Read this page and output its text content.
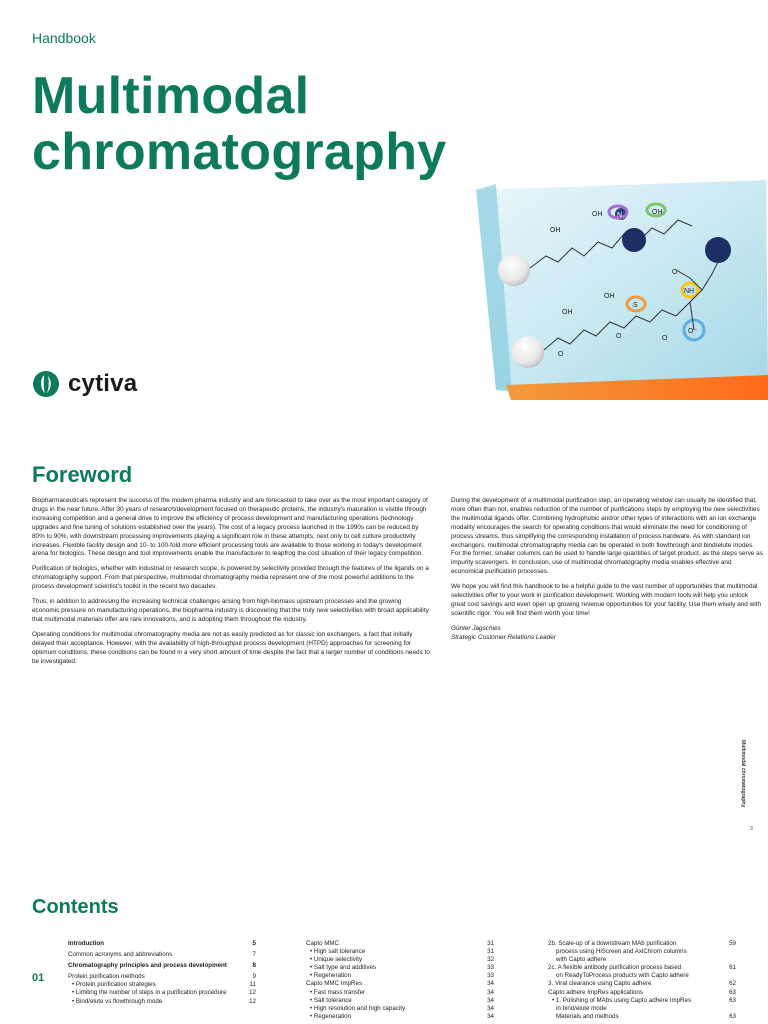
Handbook
Multimodal
chromatography
OH
OH	OH
OH
OH
N
O
NH
S
O
O
O⁻
O
cytiva
Foreword

Biopharmaceuticals represent the success of the modern pharma industry and are forecasted to take over as the most important category of drugs in the near future. After 30 years of research/development focused on therapeutic proteins, the industry's maturation is visible through increasing competition and a general drive to improve the efficiency of process development and manufacturing operations (technology upgrades and fine tuning of solutions established over the years). The cost of a legacy process launched in the 1990s can be reduced by 80% to 90%, with downstream processing improvements playing a significant role in these attempts, next only to cell culture productivity increases. Flexible facility design and 10- to 100-fold more efficient processing tools are available to those working in today's development arena for biologics. These design and tool improvements enable the manufacturer to leapfrog the cost situation of their legacy competition.

Purification of biologics, whether with industrial or research scope, is powered by selectivity provided through the features of the ligands on a chromatography support. From that perspective, multimodal chromatography media represent one of the most powerful additions to the process development scientist's toolkit in the recent two decades.

Thus, in addition to addressing the increasing technical challenges arising from high-biomass upstream processes and the growing economic pressure on manufacturing operations, the biopharma industry is discovering that the truly new selectivities with broad applicability that multimodal materials offer are rare innovations, and is adopting them throughout the industry.

Operating conditions for multimodal chromatography media are not as easily predicted as for classic ion exchangers, a fact that initially delayed their acceptance. However, with the availability of high-throughput process development (HTPD) approaches for screening for optimum conditions, these conditions can be found in a very short amount of time despite the fact that a larger number of conditions needs to be investigated.

During the development of a multimodal purification step, an operating window can usually be identified that, more often than not, enables reduction of the number of purifications steps by employing the new selectivities the multimodal ligands offer. Combining hydrophobic and/or other types of interactions with an ion exchange modality encourages the search for operating conditions that would eliminate the need for conditioning of process streams, thus simplifying the corresponding installation of process hardware. As with standard ion exchangers, multimodal chromatography media can be operated in both flowthrough and bind/elute modes. For the former, smaller columns can be used to handle large quantities of target product, as the steps serve as impurity scavengers. In conclusion, use of multimodal chromatography media enables effective and economical purification processes.

We hope you will find this handbook to be a helpful guide to the vast number of opportunities that multimodal selectivities offer to your work in purification development. Working with modern tools will help you unlock great cost savings and even open up growing revenue opportunities for your facility. Use them wisely and with scientific rigor. You will find them worth your time!

Günter Jagschies
Strategic Customer Relations Leader

Multimodal chromatography
3
Contents
01
Introduction	5
Common acronyms and abbreviations	7
Chromatography principles and process development	8
Protein purification methods	9
• Protein purification strategies	11
• Limiting the number of steps in a purification procedure	12
• Bind/elute vs flowthrough mode	12
Capto MMC	31
• High salt tolerance	31
• Unique selectivity	32
• Salt type and additives	33
• Regeneration	33
Capto MMC ImpRes	34
• Fast mass transfer	34
• Salt tolerance	34
• High resolution and high capacity	34
• Regeneration	34
2b. Scale-up of a downstream MAb purification	59
process using HiScreen and AxiChrom columns
with Capto adhere
2c. A flexible antibody purification process based	61
on ReadyToProcess products with Capto adhere
3. Viral clearance using Capto adhere	62
Capto adhere ImpRes applications	63
• 1. Polishing of MAbs using Capto adhere ImpRes	63
in bind/elute mode
Materials and methods	63
